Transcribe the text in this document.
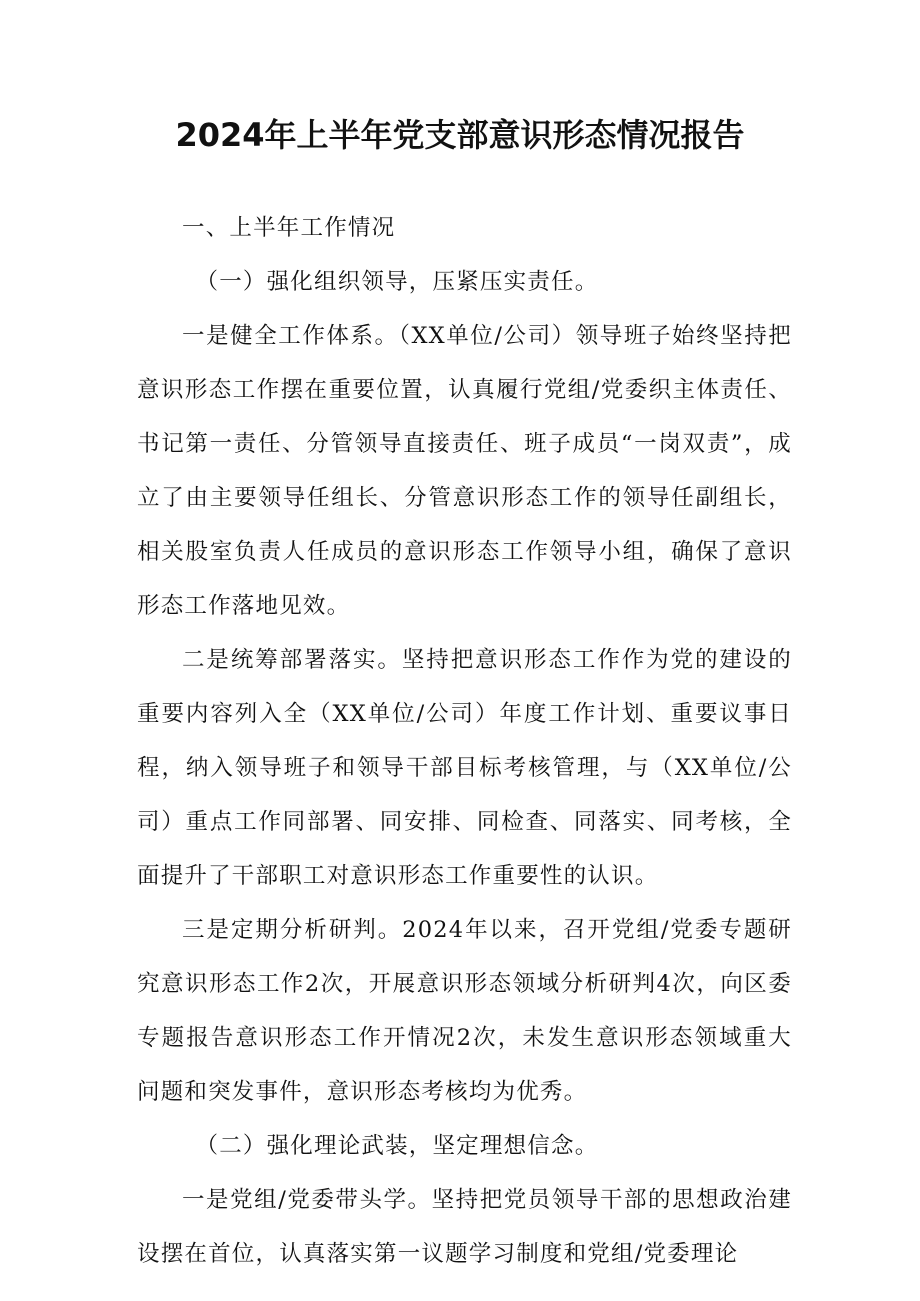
2024年上半年党支部意识形态情况报告

一、上半年工作情况

（一）强化组织领导，压紧压实责任。

一是健全工作体系。（XX单位/公司）领导班子始终坚持把意识形态工作摆在重要位置，认真履行党组/党委织主体责任、书记第一责任、分管领导直接责任、班子成员“一岗双责”，成立了由主要领导任组长、分管意识形态工作的领导任副组长，相关股室负责人任成员的意识形态工作领导小组，确保了意识形态工作落地见效。

二是统筹部署落实。坚持把意识形态工作作为党的建设的重要内容列入全（XX单位/公司）年度工作计划、重要议事日程，纳入领导班子和领导干部目标考核管理，与（XX单位/公司）重点工作同部署、同安排、同检查、同落实、同考核，全面提升了干部职工对意识形态工作重要性的认识。

三是定期分析研判。2024年以来，召开党组/党委专题研究意识形态工作2次，开展意识形态领域分析研判4次，向区委专题报告意识形态工作开情况2次，未发生意识形态领域重大问题和突发事件，意识形态考核均为优秀。

（二）强化理论武装，坚定理想信念。

一是党组/党委带头学。坚持把党员领导干部的思想政治建设摆在首位，认真落实第一议题学习制度和党组/党委理论
